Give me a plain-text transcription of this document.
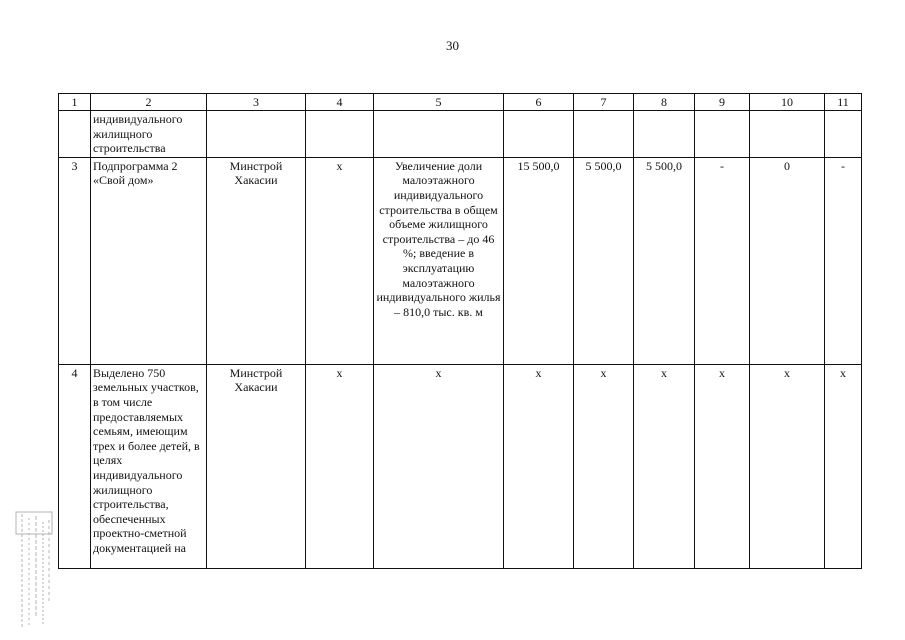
30
1	2	3	4	5	6	7	8	9	10	11
	индивидуального жилищного строительства									
3	Подпрограмма 2 «Свой дом»	Минстрой Хакасии	x	Увеличение доли малоэтажного индивидуального строительства в общем объеме жилищного строительства – до 46 %; введение в эксплуатацию малоэтажного индивидуального жилья – 810,0 тыс. кв. м	15 500,0	5 500,0	5 500,0	-	0	-
4	Выделено 750 земельных участков, в том числе предоставляемых семьям, имеющим трех и более детей, в целях индивидуального жилищного строительства, обеспеченных проектно-сметной документацией на	Минстрой Хакасии	x	x	x	x	x	x	x	x
